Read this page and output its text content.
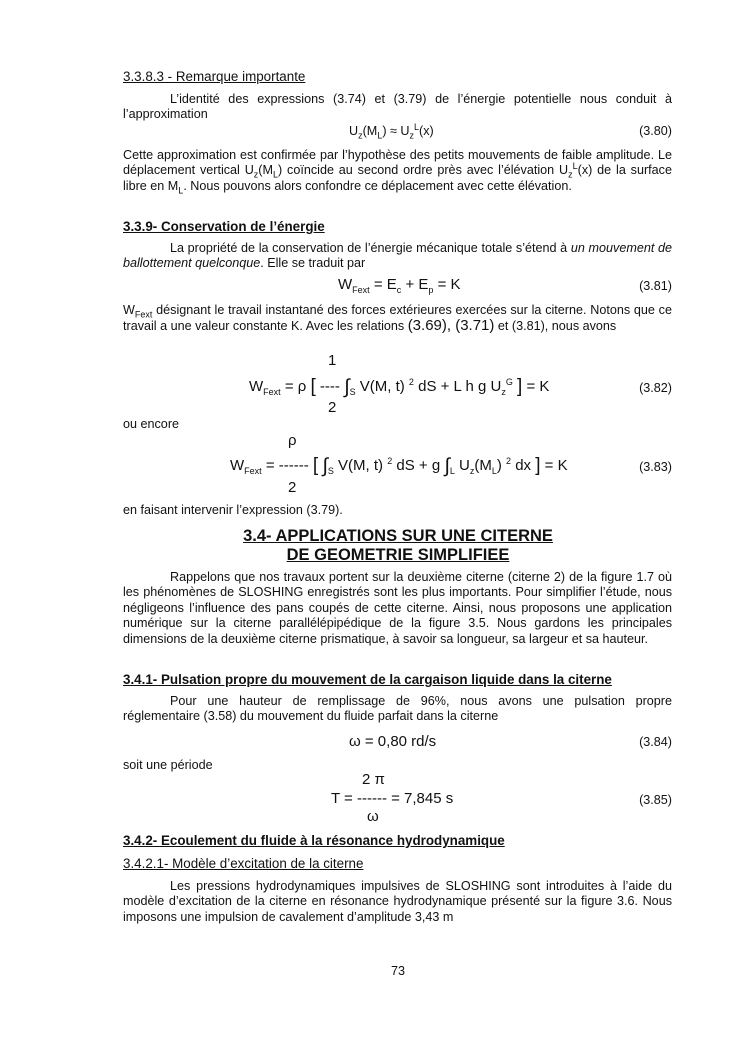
3.3.8.3 - Remarque importante

L’identité des expressions (3.74) et (3.79) de l’énergie potentielle nous conduit à l’approximation

$U_z(M_L) \approx U_z^L(x)$	(3.80)

Cette approximation est confirmée par l’hypothèse des petits mouvements de faible amplitude. Le déplacement vertical $U_z(M_L)$ coïncide au second ordre près avec l’élévation $U_z^L(x)$ de la surface libre en $M_L$. Nous pouvons alors confondre ce déplacement avec cette élévation.

3.3.9- Conservation de l’énergie

La propriété de la conservation de l’énergie mécanique totale s’étend à un mouvement de ballottement quelconque. Elle se traduit par

$W_{Fext} = E_c + E_p = K$	(3.81)

$W_{Fext}$ désignant le travail instantané des forces extérieures exercées sur la citerne. Notons que ce travail a une valeur constante K. Avec les relations (3.69), (3.71) et (3.81), nous avons

1
$W_{Fext} = \rho$ [ ---- $\int_S$ V(M, t) $^2$ dS + L h g $U_z^G$ ] = K
2
(3.82)
ou encore
ρ
$W_{Fext}$ = ------ [ $\int_S$ V(M, t) $^2$ dS + g $\int_L$ $U_z(M_L)$ $^2$ dx ] = K
2
(3.83)
en faisant intervenir l’expression (3.79).
3.4- APPLICATIONS SUR UNE CITERNE
DE GEOMETRIE SIMPLIFIEE

Rappelons que nos travaux portent sur la deuxième citerne (citerne 2) de la figure 1.7 où les phénomènes de SLOSHING enregistrés sont les plus importants. Pour simplifier l’étude, nous négligeons l’influence des pans coupés de cette citerne. Ainsi, nous proposons une application numérique sur la citerne parallélépipédique de la figure 3.5. Nous gardons les principales dimensions de la deuxième citerne prismatique, à savoir sa longueur, sa largeur et sa hauteur.

3.4.1- Pulsation propre du mouvement de la cargaison liquide dans la citerne

Pour une hauteur de remplissage de 96%, nous avons une pulsation propre réglementaire (3.58) du mouvement du fluide parfait dans la citerne

ω = 0,80 rd/s	(3.84)
soit une période
2 π
T = ------ = 7,845 s
ω
(3.85)
3.4.2- Ecoulement du fluide à la résonance hydrodynamique
3.4.2.1- Modèle d’excitation de la citerne

Les pressions hydrodynamiques impulsives de SLOSHING sont introduites à l’aide du modèle d’excitation de la citerne en résonance hydrodynamique présenté sur la figure 3.6. Nous imposons une impulsion de cavalement d’amplitude 3,43 m

73
